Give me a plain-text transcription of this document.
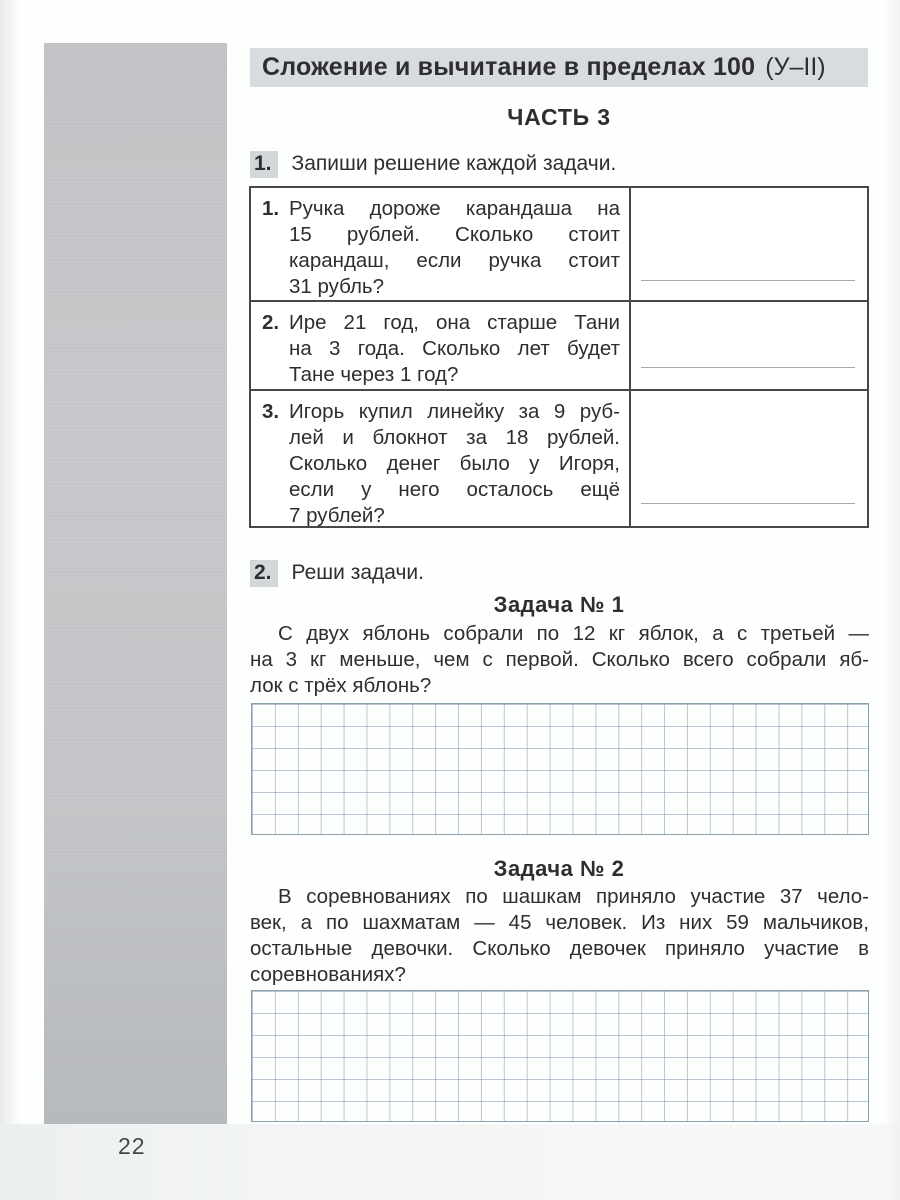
Сложение и вычитание в пределах 100 (У–II)
ЧАСТЬ 3
1. Запиши решение каждой задачи.
1. Ручка дороже карандаша на
15 рублей. Сколько стоит
карандаш, если ручка стоит
31 рубль?
2. Ире 21 год, она старше Тани
на 3 года. Сколько лет будет
Тане через 1 год?
3. Игорь купил линейку за 9 руб-
лей и блокнот за 18 рублей.
Сколько денег было у Игоря,
если у него осталось ещё
7 рублей?
2. Реши задачи.
Задача № 1
С двух яблонь собрали по 12 кг яблок, а с третьей —
на 3 кг меньше, чем с первой. Сколько всего собрали яб-
лок с трёх яблонь?
Задача № 2
В соревнованиях по шашкам приняло участие 37 чело-
век, а по шахматам — 45 человек. Из них 59 мальчиков,
остальные девочки. Сколько девочек приняло участие в
соревнованиях?
22
